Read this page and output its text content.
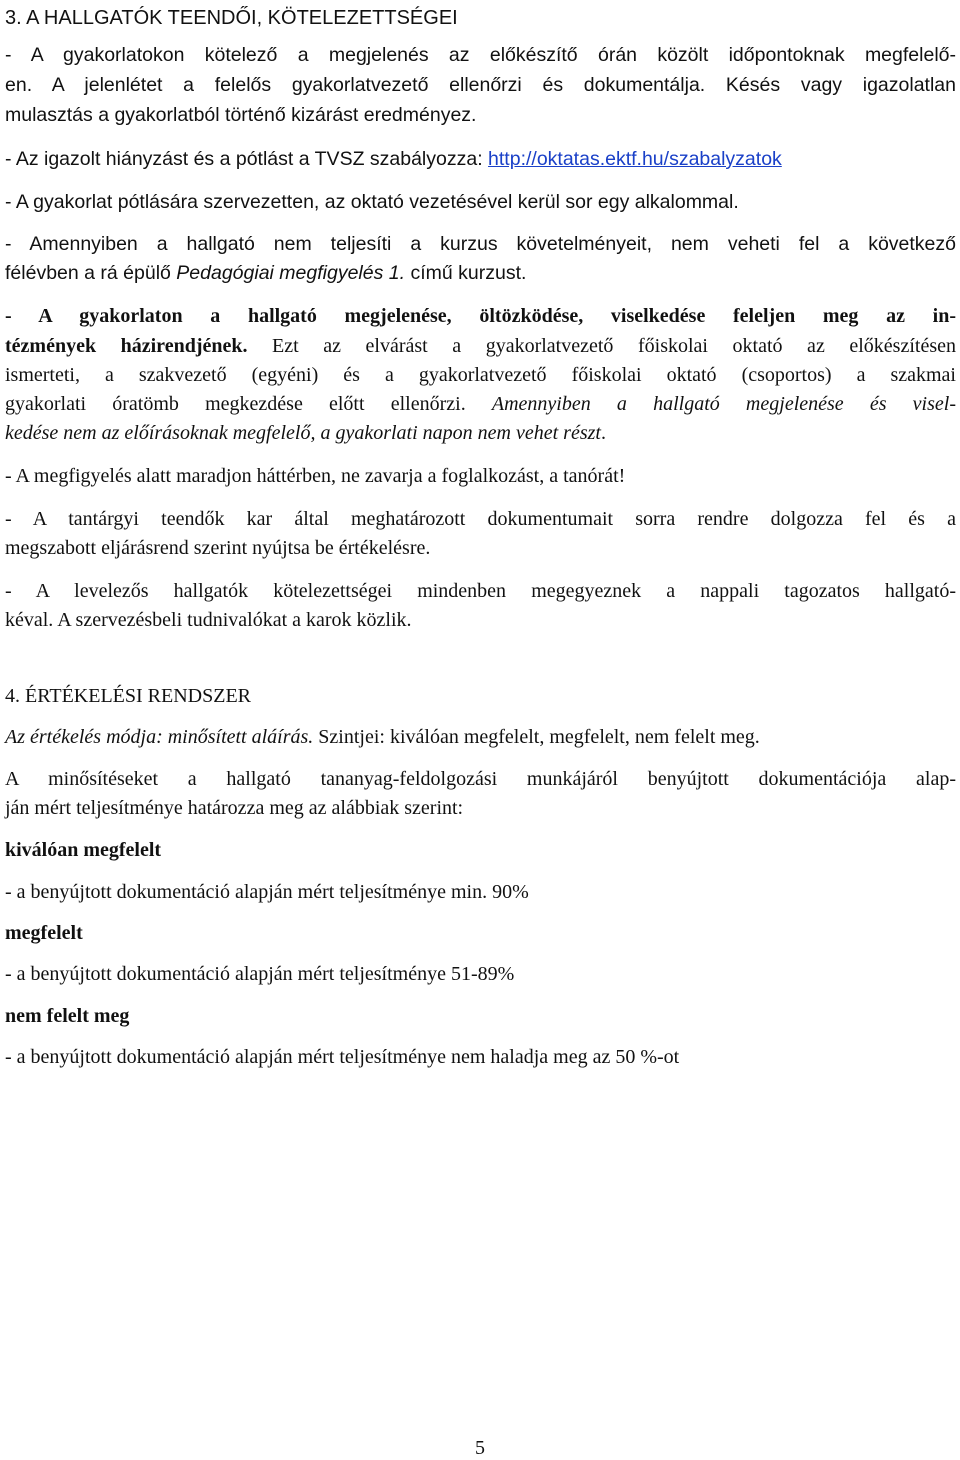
3. A HALLGATÓK TEENDŐI, KÖTELEZETTSÉGEI
- A gyakorlatokon kötelező a megjelenés az előkészítő órán közölt időpontoknak megfelelő-
en. A jelenlétet a felelős gyakorlatvezető ellenőrzi és dokumentálja. Késés vagy igazolatlan
mulasztás a gyakorlatból történő kizárást eredményez.
- Az igazolt hiányzást és a pótlást a TVSZ szabályozza: http://oktatas.ektf.hu/szabalyzatok
- A gyakorlat pótlására szervezetten, az oktató vezetésével kerül sor egy alkalommal.
- Amennyiben a hallgató nem teljesíti a kurzus követelményeit, nem veheti fel a következő
félévben a rá épülő Pedagógiai megfigyelés 1. című kurzust.
- A gyakorlaton a hallgató megjelenése, öltözködése, viselkedése feleljen meg az in-
tézmények házirendjének. Ezt az elvárást a gyakorlatvezető főiskolai oktató az előkészítésen
ismerteti, a szakvezető (egyéni) és a gyakorlatvezető főiskolai oktató (csoportos) a szakmai
gyakorlati óratömb megkezdése előtt ellenőrzi. Amennyiben a hallgató megjelenése és visel-
kedése nem az előírásoknak megfelelő, a gyakorlati napon nem vehet részt.
- A megfigyelés alatt maradjon háttérben, ne zavarja a foglalkozást, a tanórát!
- A tantárgyi teendők kar által meghatározott dokumentumait sorra rendre dolgozza fel és a
megszabott eljárásrend szerint nyújtsa be értékelésre.
- A levelezős hallgatók kötelezettségei mindenben megegyeznek a nappali tagozatos hallgató-
kéval. A szervezésbeli tudnivalókat a karok közlik.
4. ÉRTÉKELÉSI RENDSZER
Az értékelés módja: minősített aláírás. Szintjei: kiválóan megfelelt, megfelelt, nem felelt meg.
A minősítéseket a hallgató tananyag-feldolgozási munkájáról benyújtott dokumentációja alap-
ján mért teljesítménye határozza meg az alábbiak szerint:
kiválóan megfelelt
- a benyújtott dokumentáció alapján mért teljesítménye min. 90%
megfelelt
- a benyújtott dokumentáció alapján mért teljesítménye 51-89%
nem felelt meg
- a benyújtott dokumentáció alapján mért teljesítménye nem haladja meg az 50 %-ot
5
